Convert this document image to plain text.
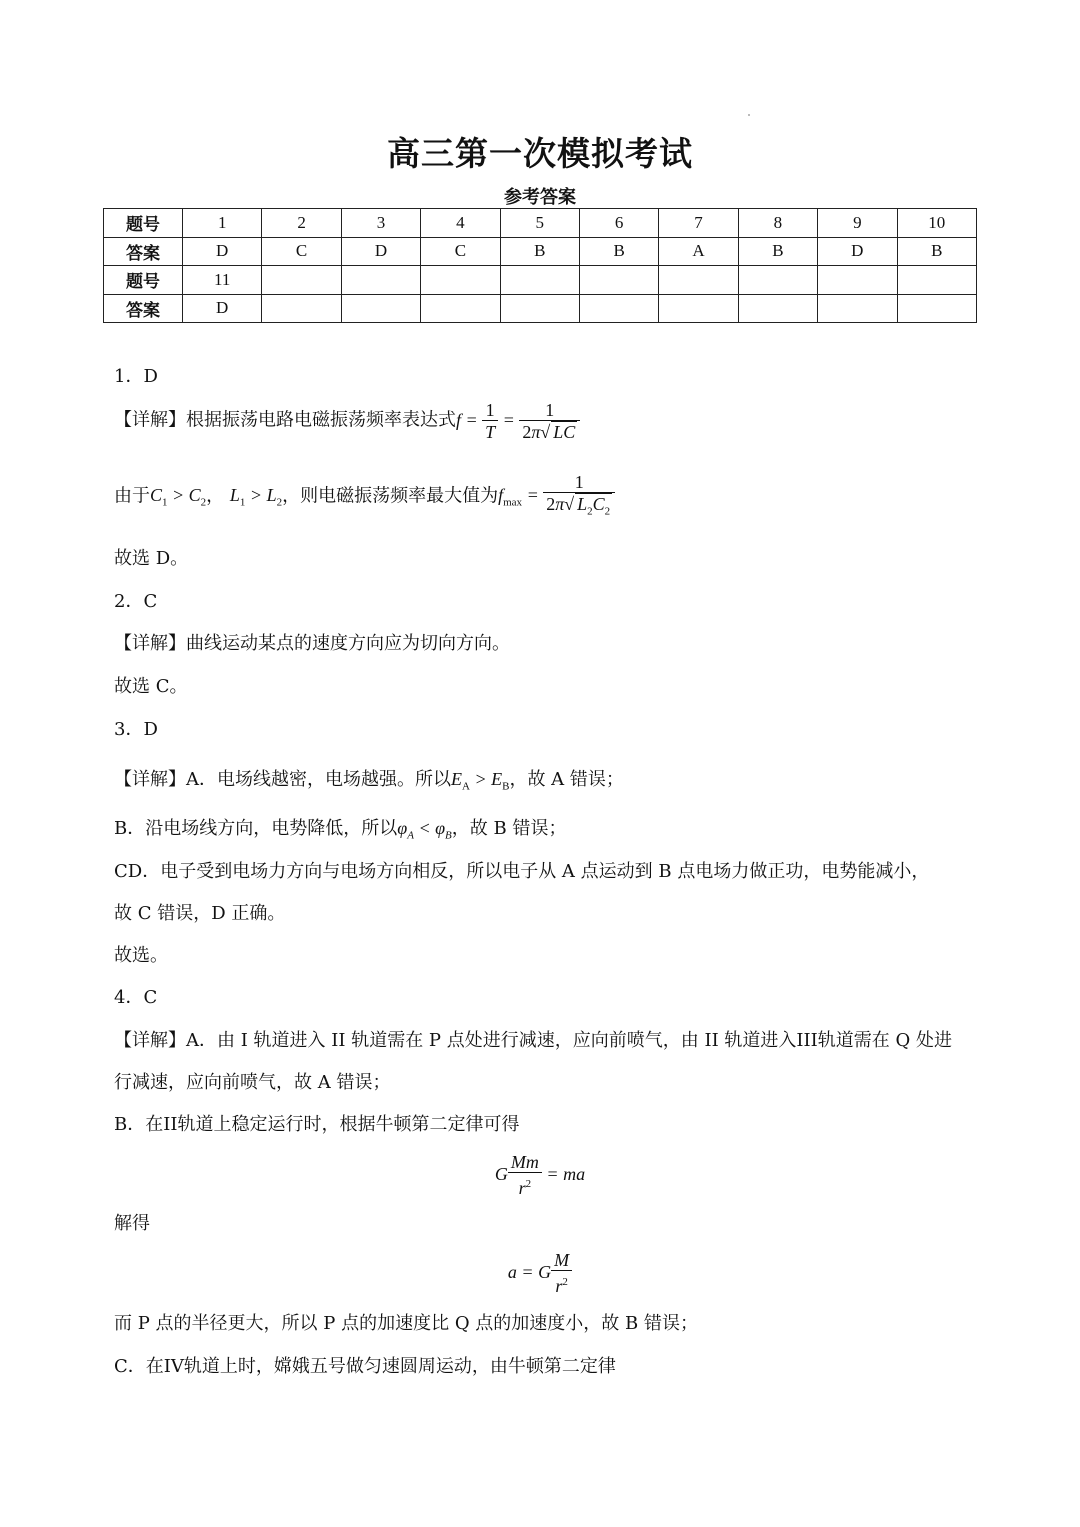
高三第一次模拟考试
参考答案
题号	1	2	3	4	5	6	7	8	9	10
答案	D	C	D	C	B	B	A	B	D	B
题号	11									
答案	D									
1．D
【详解】根据振荡电路电磁振荡频率表达式$f = \frac{1}{T} = \frac{1}{2\pi√ LC}$
由于$C_1 > C_2$， $L_1 > L_2$，则电磁振荡频率最大值为$f_{max} = \frac{1}{2\pi√ L_2C_2}$
故选 D。
2．C
【详解】曲线运动某点的速度方向应为切向方向。
故选 C。
3．D
【详解】A．电场线越密，电场越强。所以$E_A > E_B$，故 A 错误；
B．沿电场线方向，电势降低，所以$\varphi_A < \varphi_B$，故 B 错误；
CD．电子受到电场力方向与电场方向相反，所以电子从 A 点运动到 B 点电场力做正功，电势能减小，
故 C 错误，D 正确。
故选。
4．C
【详解】A．由 I 轨道进入 II 轨道需在 P 点处进行减速，应向前喷气，由 II 轨道进入III轨道需在 Q 处进
行减速，应向前喷气，故 A 错误；
B．在II轨道上稳定运行时，根据牛顿第二定律可得
G $\frac{Mm}{r^2}$ = ma
解得
a = G $\frac{M}{r^2}$
而 P 点的半径更大，所以 P 点的加速度比 Q 点的加速度小，故 B 错误；
C．在IV轨道上时，嫦娥五号做匀速圆周运动，由牛顿第二定律
